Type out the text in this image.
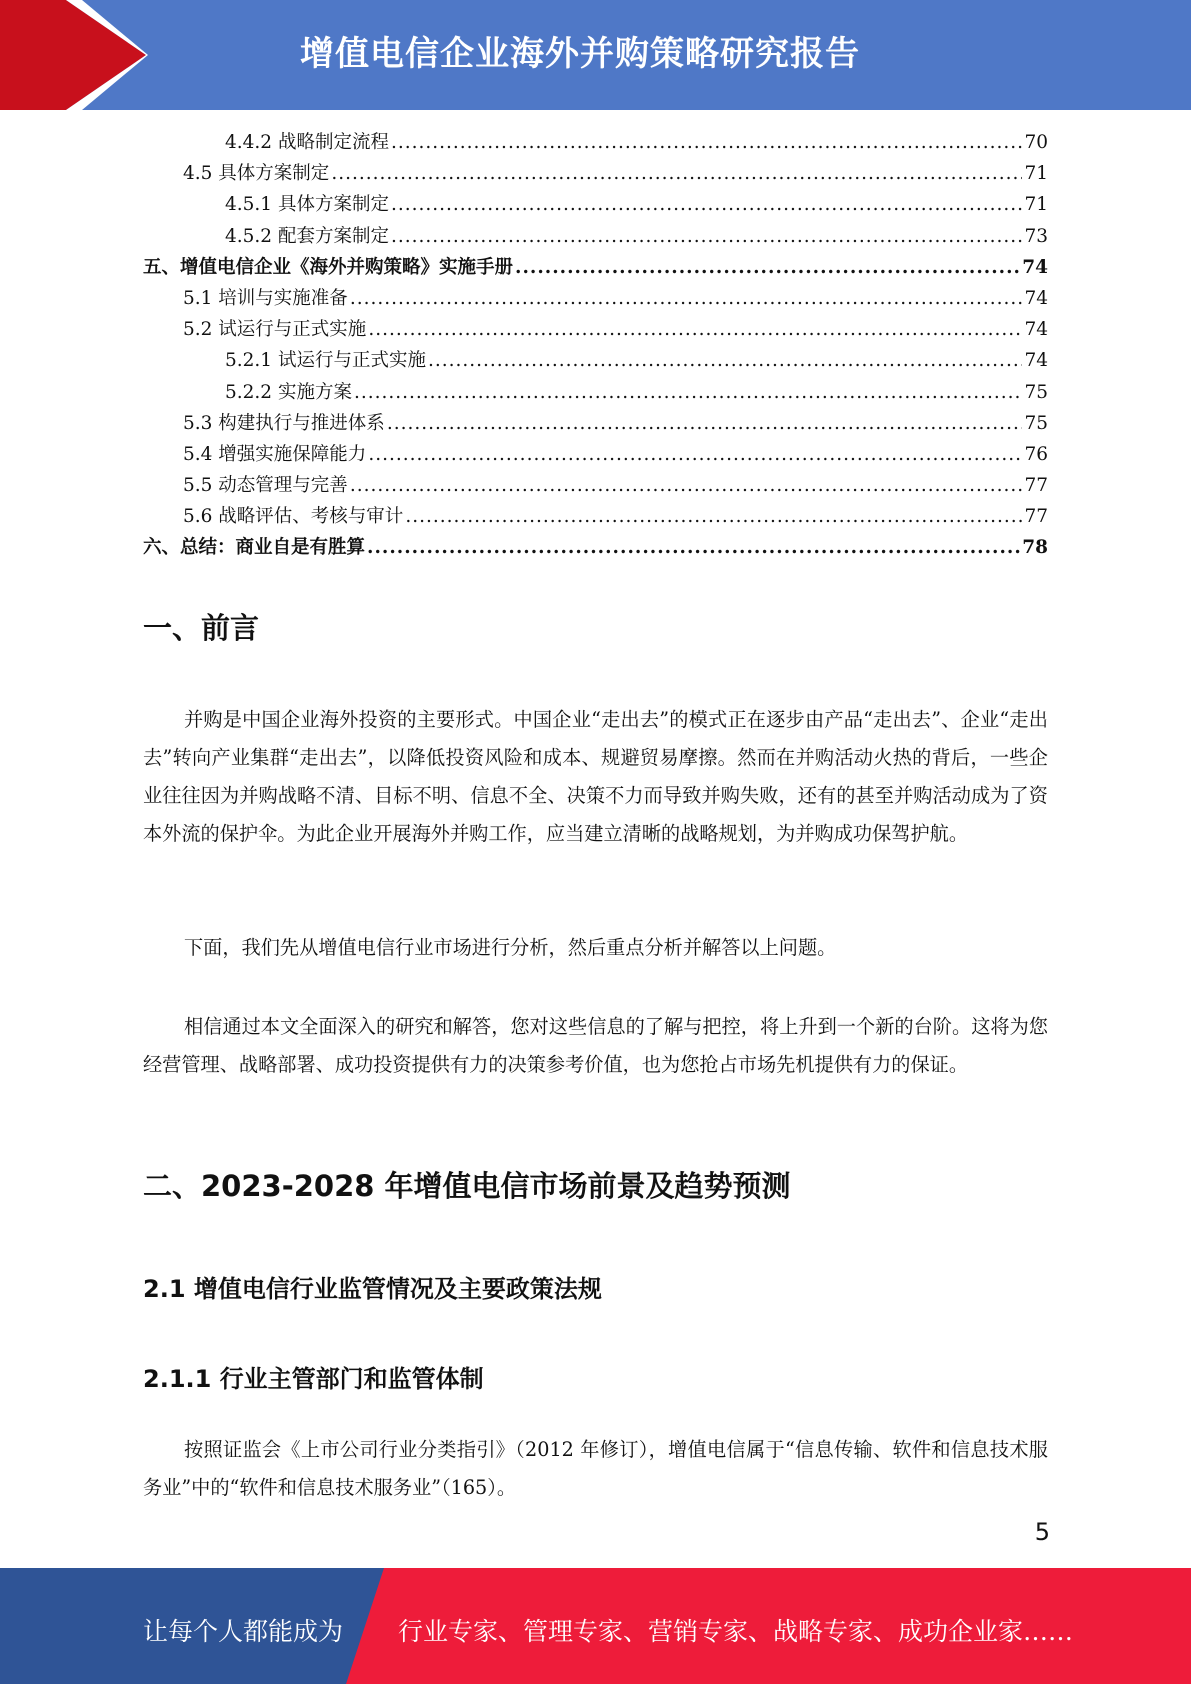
增值电信企业海外并购策略研究报告
4.4.2 战略制定流程 .....	70
4.5 具体方案制定 .....	71
4.5.1 具体方案制定 .....	71
4.5.2 配套方案制定 .....	73
五、增值电信企业《海外并购策略》实施手册 .....	74
5.1 培训与实施准备 .....	74
5.2 试运行与正式实施 .....	74
5.2.1 试运行与正式实施 .....	74
5.2.2 实施方案 .....	75
5.3 构建执行与推进体系 .....	75
5.4 增强实施保障能力 .....	76
5.5 动态管理与完善 .....	77
5.6 战略评估、考核与审计 .....	77
六、总结：商业自是有胜算 .....	78
一、前言
并购是中国企业海外投资的主要形式。中国企业“走出去”的模式正在逐步由产品“走出去”、企业“走出去”转向产业集群“走出去”，以降低投资风险和成本、规避贸易摩擦。然而在并购活动火热的背后，一些企业往往因为并购战略不清、目标不明、信息不全、决策不力而导致并购失败，还有的甚至并购活动成为了资本外流的保护伞。为此企业开展海外并购工作，应当建立清晰的战略规划，为并购成功保驾护航。
下面，我们先从增值电信行业市场进行分析，然后重点分析并解答以上问题。
相信通过本文全面深入的研究和解答，您对这些信息的了解与把控，将上升到一个新的台阶。这将为您经营管理、战略部署、成功投资提供有力的决策参考价值，也为您抢占市场先机提供有力的保证。
二、2023-2028 年增值电信市场前景及趋势预测
2.1 增值电信行业监管情况及主要政策法规
2.1.1 行业主管部门和监管体制
按照证监会《上市公司行业分类指引》（2012 年修订），增值电信属于“信息传输、软件和信息技术服务业”中的“软件和信息技术服务业”（165）。
5
让每个人都能成为 行业专家、管理专家、营销专家、战略专家、成功企业家……
